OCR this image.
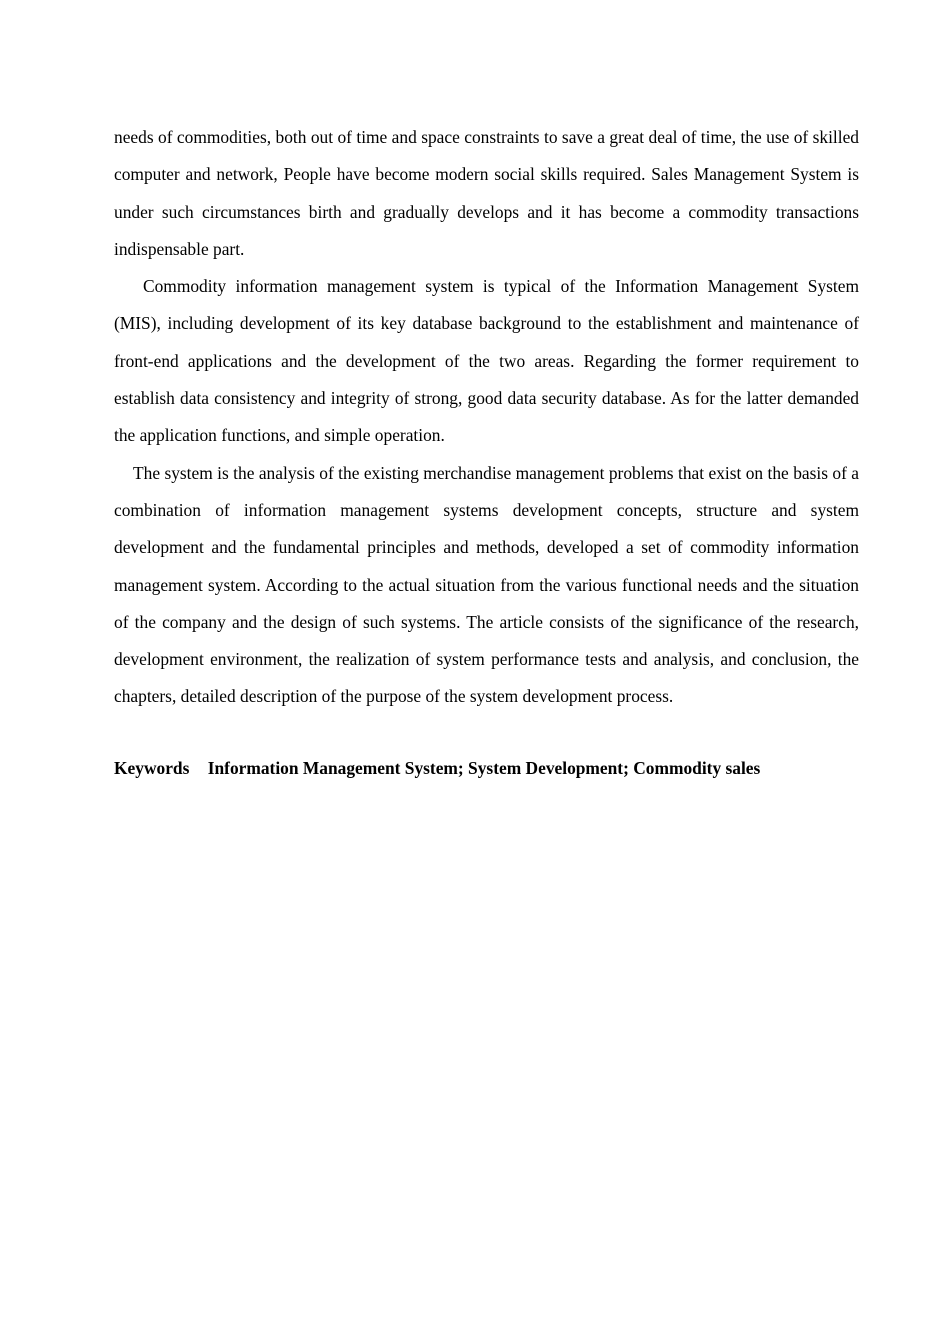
needs of commodities, both out of time and space constraints to save a great deal of time, the use of skilled computer and network, People have become modern social skills required. Sales Management System is under such circumstances birth and gradually develops and it has become a commodity transactions indispensable part.

Commodity information management system is typical of the Information Management System (MIS), including development of its key database background to the establishment and maintenance of front-end applications and the development of the two areas. Regarding the former requirement to establish data consistency and integrity of strong, good data security database. As for the latter demanded the application functions, and simple operation.

The system is the analysis of the existing merchandise management problems that exist on the basis of a combination of information management systems development concepts, structure and system development and the fundamental principles and methods, developed a set of commodity information management system. According to the actual situation from the various functional needs and the situation of the company and the design of such systems. The article consists of the significance of the research, development environment, the realization of system performance tests and analysis, and conclusion, the chapters, detailed description of the purpose of the system development process.

Keywords Information Management System; System Development; Commodity sales
